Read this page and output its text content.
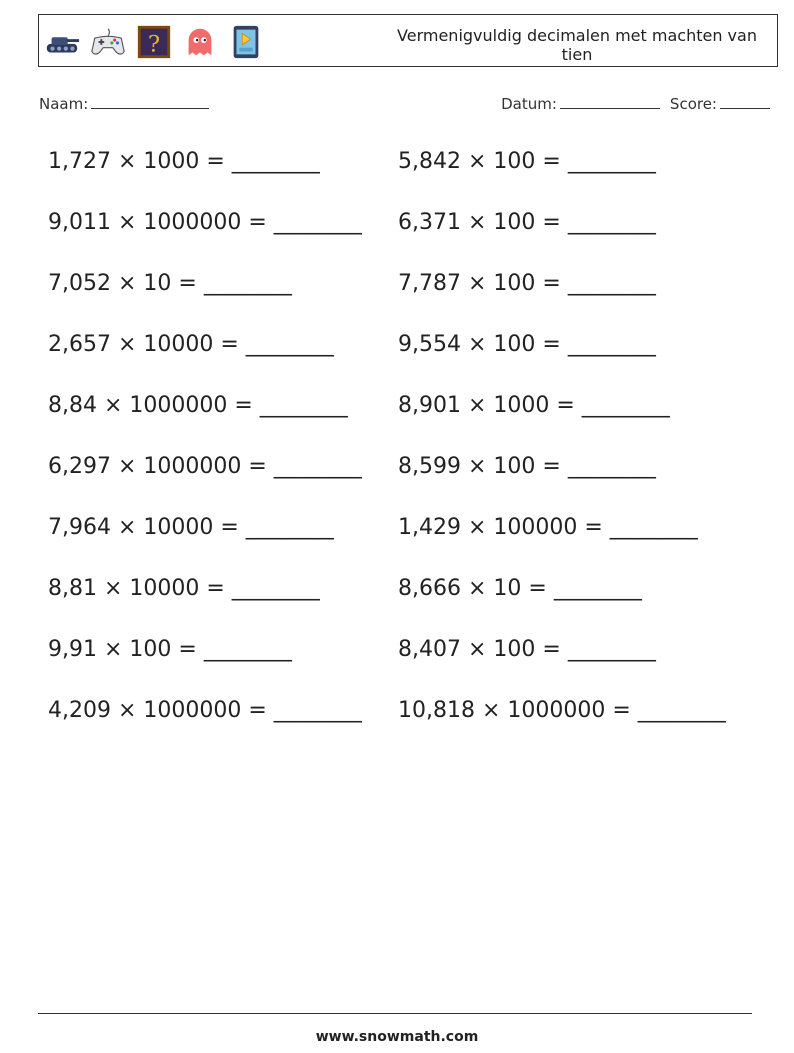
?	Vermenigvuldig decimalen met machten van tien
Naam:	Datum:	Score:
1,727 × 1000 = ________	5,842 × 100 = ________
9,011 × 1000000 = ________	6,371 × 100 = ________
7,052 × 10 = ________	7,787 × 100 = ________
2,657 × 10000 = ________	9,554 × 100 = ________
8,84 × 1000000 = ________	8,901 × 1000 = ________
6,297 × 1000000 = ________	8,599 × 100 = ________
7,964 × 10000 = ________	1,429 × 100000 = ________
8,81 × 10000 = ________	8,666 × 10 = ________
9,91 × 100 = ________	8,407 × 100 = ________
4,209 × 1000000 = ________	10,818 × 1000000 = ________
www.snowmath.com
